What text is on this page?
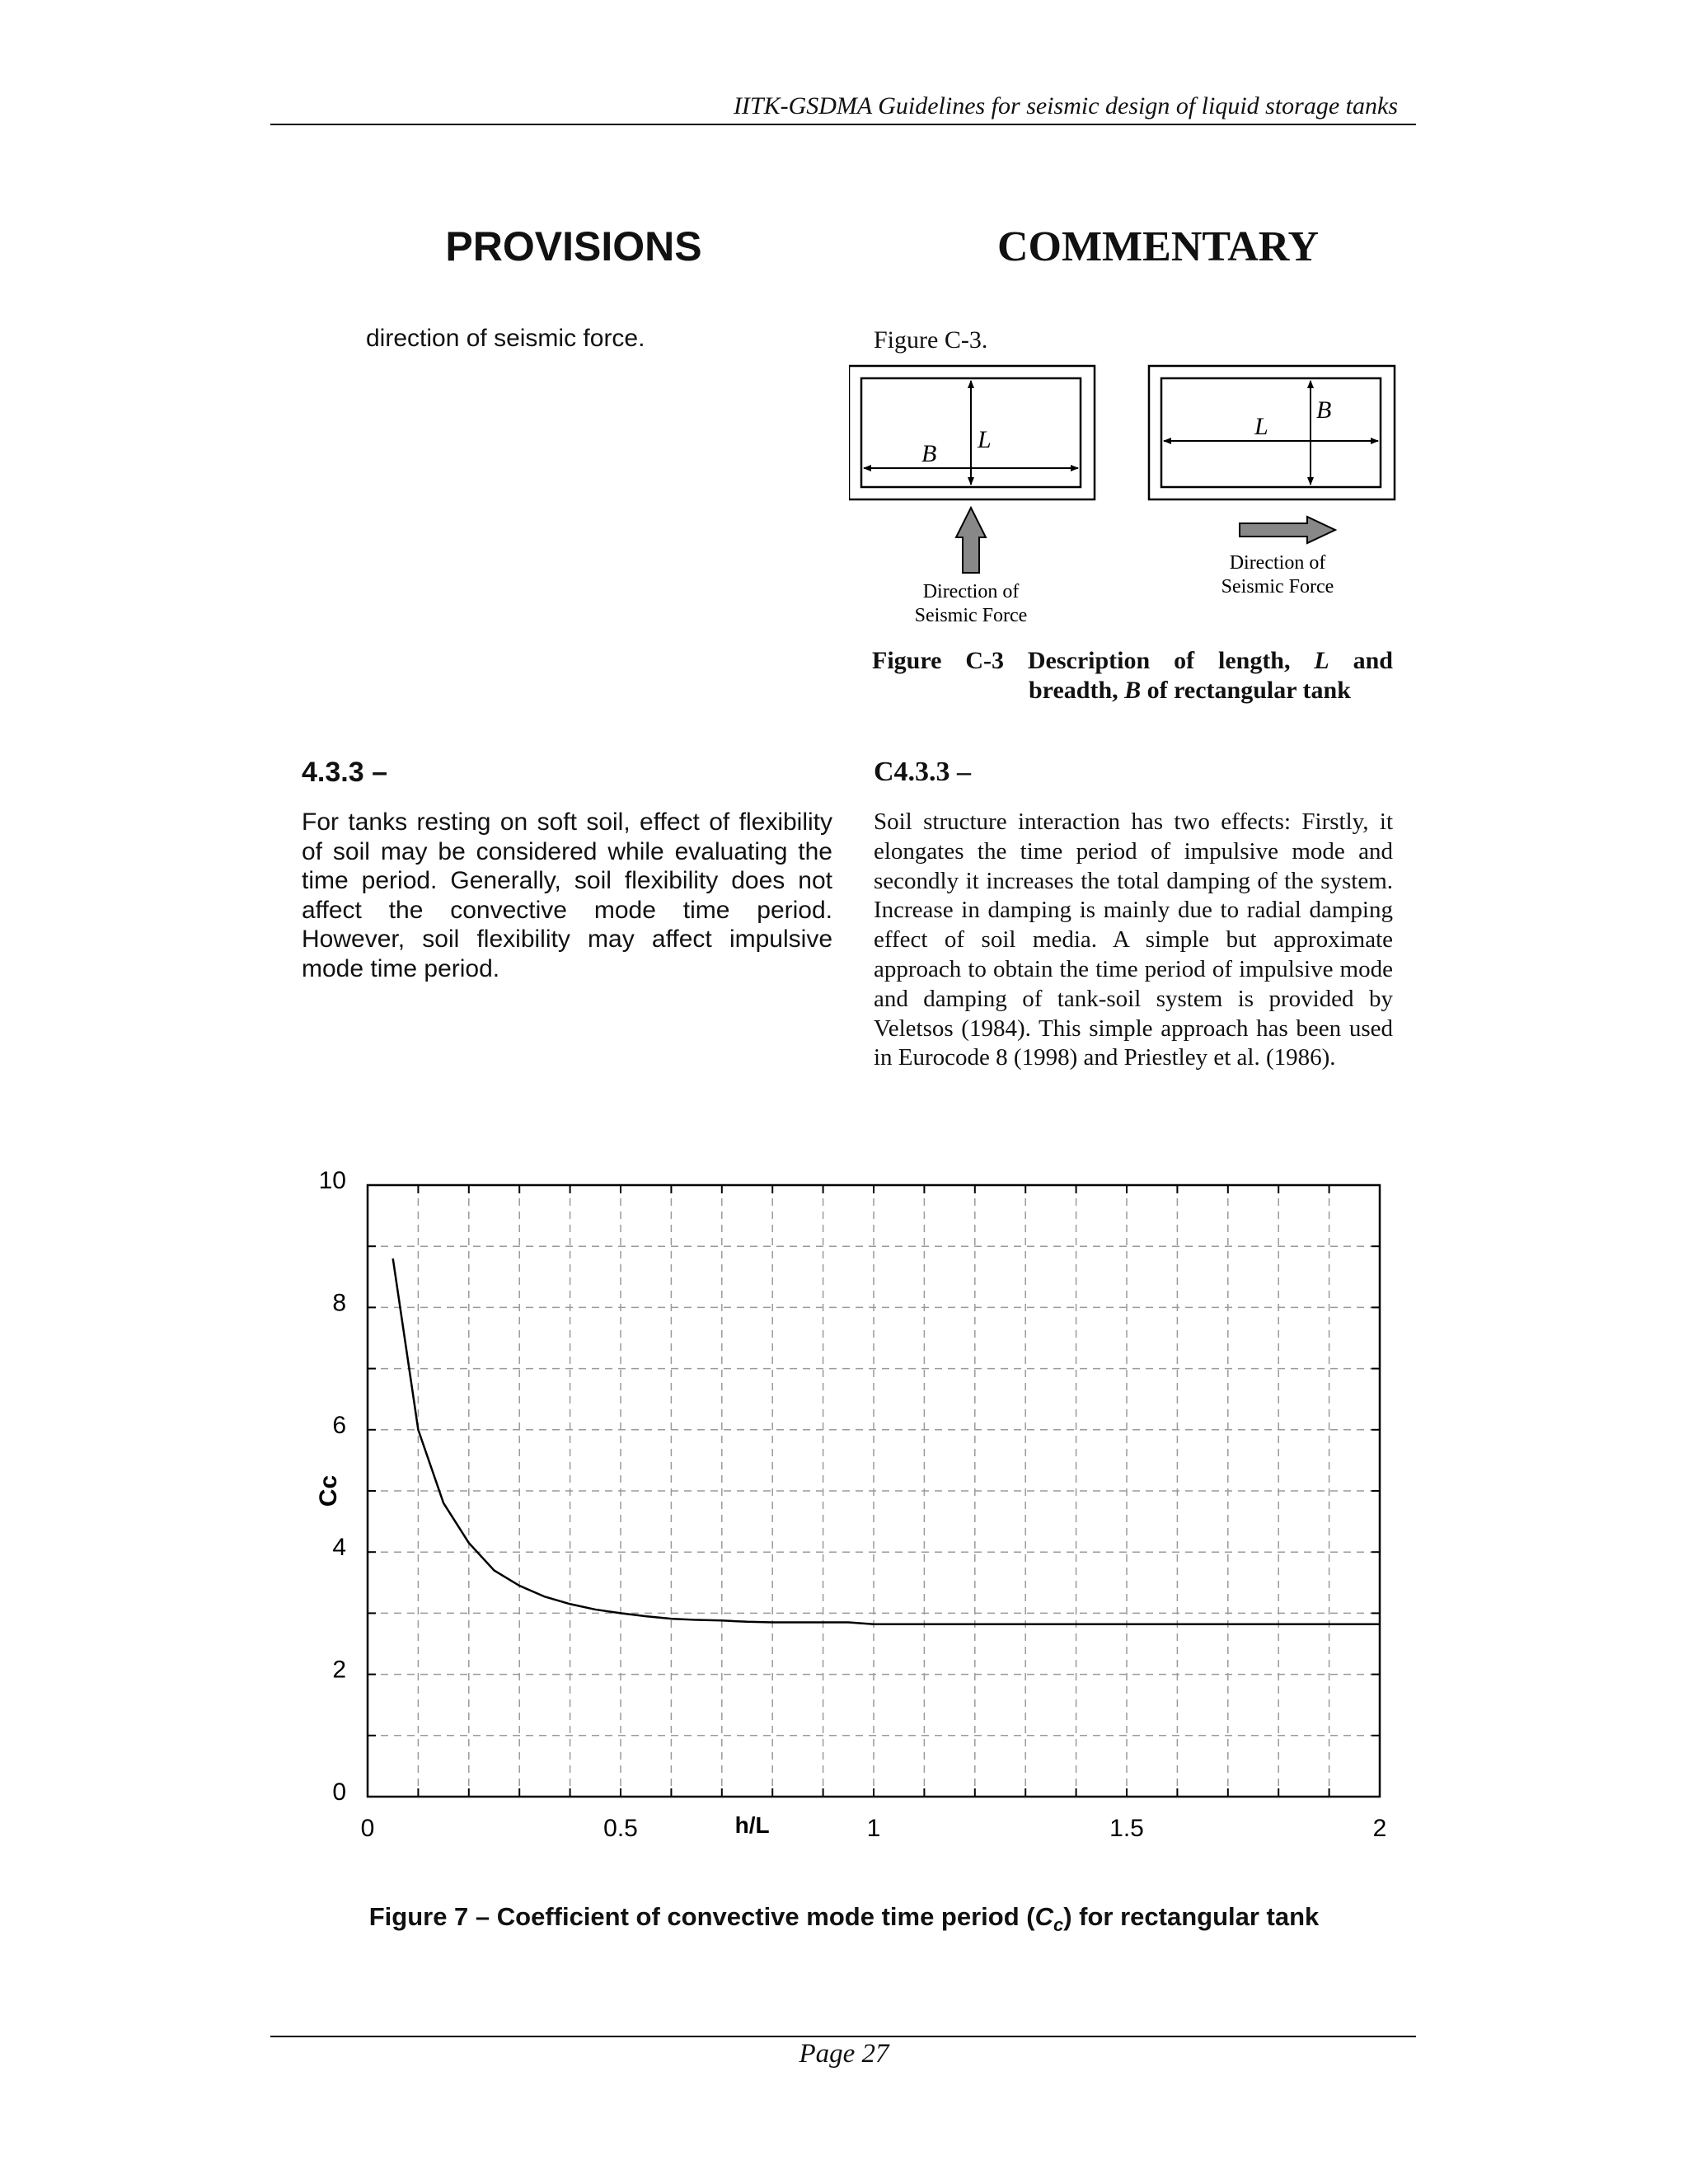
IITK-GSDMA Guidelines for seismic design of liquid storage tanks
PROVISIONS	COMMENTARY
direction of seismic force.	Figure C-3.
B
L
Direction of
Seismic Force
L
B
Direction of
Seismic Force
Figure C-3 Description of length, L and
breadth, B of rectangular tank
4.3.3 –	C4.3.3 –
For tanks resting on soft soil, effect of flexibility of soil may be considered while evaluating the time period. Generally, soil flexibility does not affect the convective mode time period. However, soil flexibility may affect impulsive mode time period.
Soil structure interaction has two effects: Firstly, it elongates the time period of impulsive mode and secondly it increases the total damping of the system. Increase in damping is mainly due to radial damping effect of soil media. A simple but approximate approach to obtain the time period of impulsive mode and damping of tank-soil system is provided by Veletsos (1984). This simple approach has been used in Eurocode 8 (1998) and Priestley et al. (1986).
0	0.5	1	1.5	2
0
2
4
6
8
10
h/L
Cc
Figure 7 – Coefficient of convective mode time period $(C_c)$ for rectangular tank
Page 27
